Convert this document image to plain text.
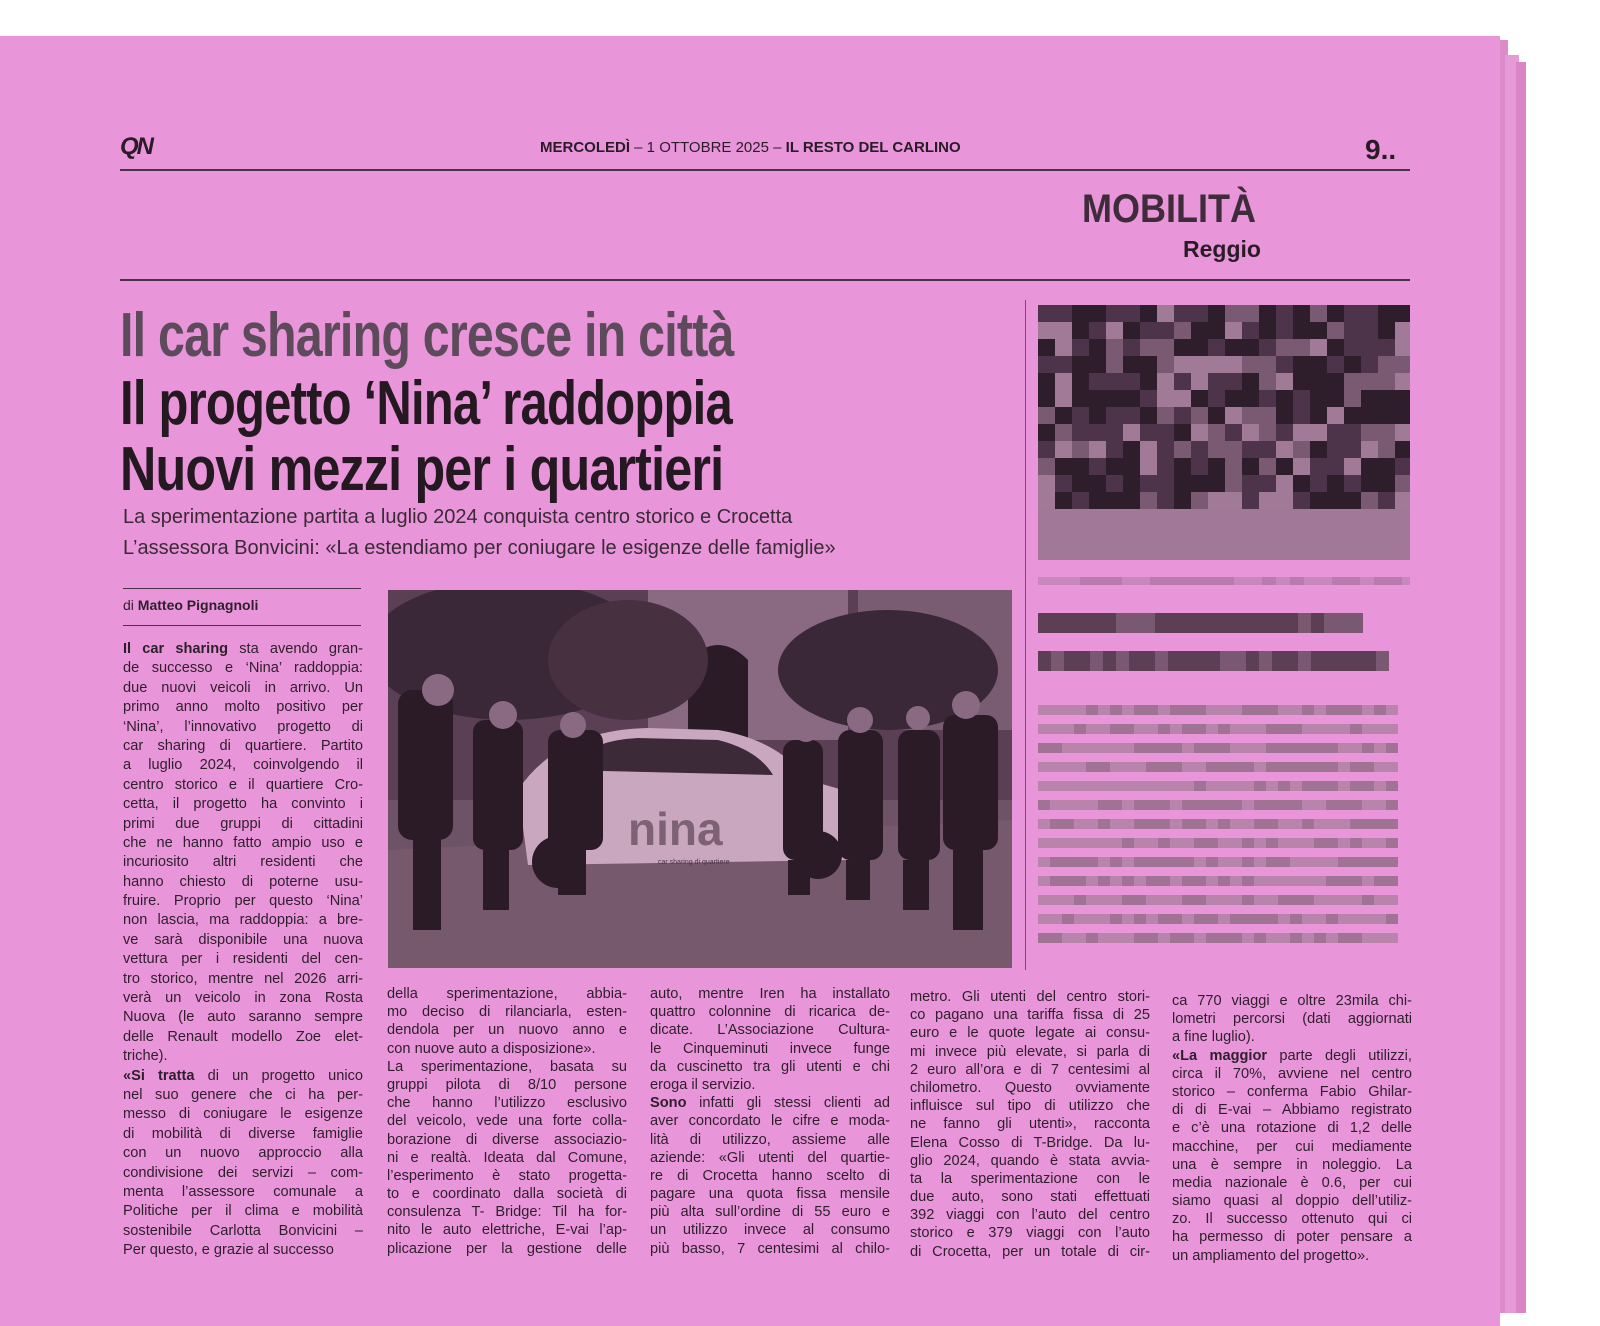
QN	MERCOLEDÌ – 1 OTTOBRE 2025 – IL RESTO DEL CARLINO	9..
MOBILITÀ
Reggio
Il car sharing cresce in città
Il progetto ‘Nina’ raddoppia
Nuovi mezzi per i quartieri
La sperimentazione partita a luglio 2024 conquista centro storico e Crocetta
L’assessora Bonvicini: «La estendiamo per coniugare le esigenze delle famiglie»
di Matteo Pignagnoli
nina
car sharing di quartiere
Il car sharing sta avendo gran-
de successo e ‘Nina’ raddoppia:
due nuovi veicoli in arrivo. Un
primo anno molto positivo per
‘Nina’, l’innovativo progetto di
car sharing di quartiere. Partito
a luglio 2024, coinvolgendo il
centro storico e il quartiere Cro-
cetta, il progetto ha convinto i
primi due gruppi di cittadini
che ne hanno fatto ampio uso e
incuriosito altri residenti che
hanno chiesto di poterne usu-
fruire. Proprio per questo ‘Nina’
non lascia, ma raddoppia: a bre-
ve sarà disponibile una nuova
vettura per i residenti del cen-
tro storico, mentre nel 2026 arri-
verà un veicolo in zona Rosta
Nuova (le auto saranno sempre
delle Renault modello Zoe elet-
triche).
«Si tratta di un progetto unico
nel suo genere che ci ha per-
messo di coniugare le esigenze
di mobilità di diverse famiglie
con un nuovo approccio alla
condivisione dei servizi – com-
menta l’assessore comunale a
Politiche per il clima e mobilità
sostenibile Carlotta Bonvicini –
Per questo, e grazie al successo
della sperimentazione, abbia-
mo deciso di rilanciarla, esten-
dendola per un nuovo anno e
con nuove auto a disposizione».
La sperimentazione, basata su
gruppi pilota di 8/10 persone
che hanno l’utilizzo esclusivo
del veicolo, vede una forte colla-
borazione di diverse associazio-
ni e realtà. Ideata dal Comune,
l’esperimento è stato progetta-
to e coordinato dalla società di
consulenza T- Bridge: Til ha for-
nito le auto elettriche, E-vai l’ap-
plicazione per la gestione delle
auto, mentre Iren ha installato
quattro colonnine di ricarica de-
dicate. L’Associazione Cultura-
le Cinqueminuti invece funge
da cuscinetto tra gli utenti e chi
eroga il servizio.
Sono infatti gli stessi clienti ad
aver concordato le cifre e moda-
lità di utilizzo, assieme alle
aziende: «Gli utenti del quartie-
re di Crocetta hanno scelto di
pagare una quota fissa mensile
più alta sull’ordine di 55 euro e
un utilizzo invece al consumo
più basso, 7 centesimi al chilo-
metro. Gli utenti del centro stori-
co pagano una tariffa fissa di 25
euro e le quote legate ai consu-
mi invece più elevate, si parla di
2 euro all’ora e di 7 centesimi al
chilometro. Questo ovviamente
influisce sul tipo di utilizzo che
ne fanno gli utenti», racconta
Elena Cosso di T-Bridge. Da lu-
glio 2024, quando è stata avvia-
ta la sperimentazione con le
due auto, sono stati effettuati
392 viaggi con l’auto del centro
storico e 379 viaggi con l’auto
di Crocetta, per un totale di cir-
ca 770 viaggi e oltre 23mila chi-
lometri percorsi (dati aggiornati
a fine luglio).
«La maggior parte degli utilizzi,
circa il 70%, avviene nel centro
storico – conferma Fabio Ghilar-
di di E-vai – Abbiamo registrato
e c’è una rotazione di 1,2 delle
macchine, per cui mediamente
una è sempre in noleggio. La
media nazionale è 0.6, per cui
siamo quasi al doppio dell’utiliz-
zo. Il successo ottenuto qui ci
ha permesso di poter pensare a
un ampliamento del progetto».
